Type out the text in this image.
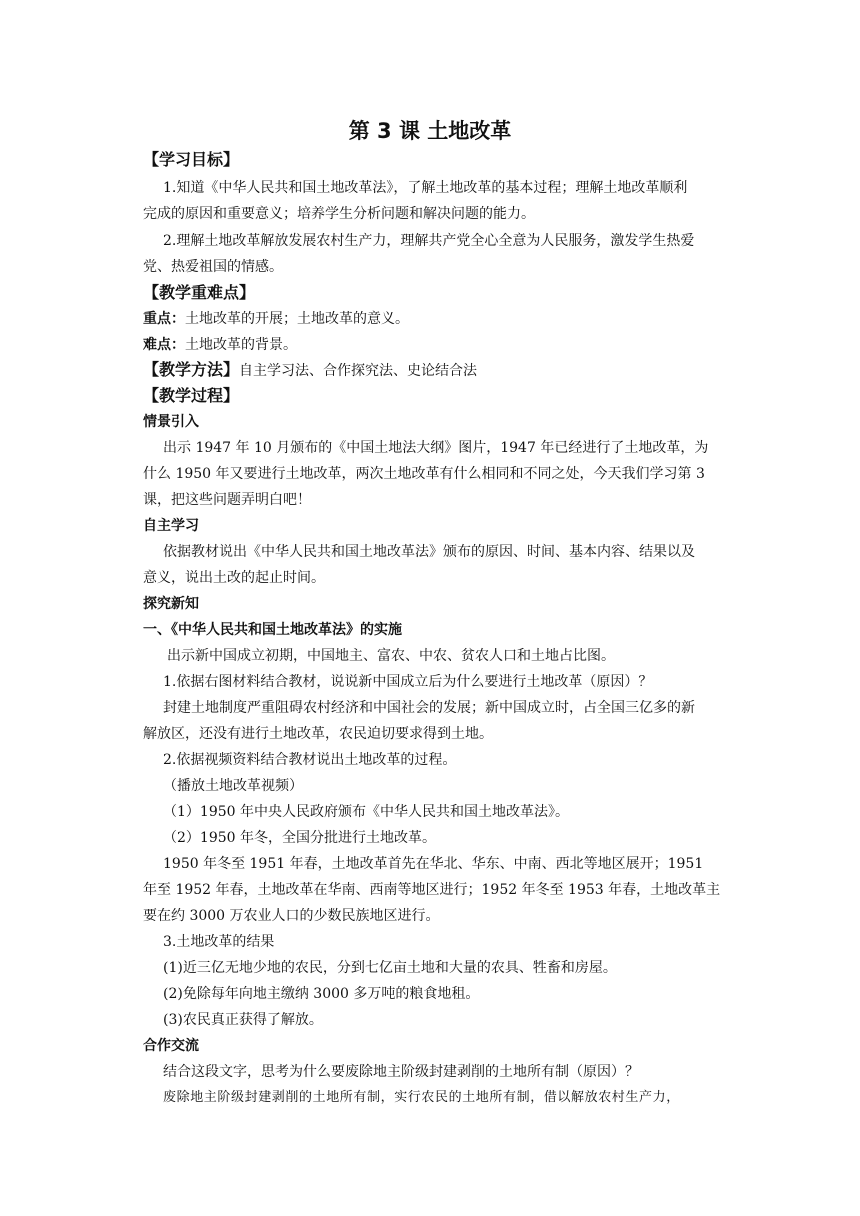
第 3 课 土地改革
【学习目标】
1.知道《中华人民共和国土地改革法》，了解土地改革的基本过程；理解土地改革顺利
完成的原因和重要意义；培养学生分析问题和解决问题的能力。
2.理解土地改革解放发展农村生产力，理解共产党全心全意为人民服务，激发学生热爱
党、热爱祖国的情感。
【教学重难点】
重点：土地改革的开展；土地改革的意义。
难点：土地改革的背景。
【教学方法】自主学习法、合作探究法、史论结合法
【教学过程】
情景引入
出示 1947 年 10 月颁布的《中国土地法大纲》图片，1947 年已经进行了土地改革，为
什么 1950 年又要进行土地改革，两次土地改革有什么相同和不同之处，今天我们学习第 3
课，把这些问题弄明白吧！
自主学习
依据教材说出《中华人民共和国土地改革法》颁布的原因、时间、基本内容、结果以及
意义，说出土改的起止时间。
探究新知
一、《中华人民共和国土地改革法》的实施
出示新中国成立初期，中国地主、富农、中农、贫农人口和土地占比图。
1.依据右图材料结合教材，说说新中国成立后为什么要进行土地改革（原因）？
封建土地制度严重阻碍农村经济和中国社会的发展；新中国成立时，占全国三亿多的新
解放区，还没有进行土地改革，农民迫切要求得到土地。
2.依据视频资料结合教材说出土地改革的过程。
（播放土地改革视频）
（1）1950 年中央人民政府颁布《中华人民共和国土地改革法》。
（2）1950 年冬，全国分批进行土地改革。
1950 年冬至 1951 年春，土地改革首先在华北、华东、中南、西北等地区展开；1951
年至 1952 年春，土地改革在华南、西南等地区进行；1952 年冬至 1953 年春，土地改革主
要在约 3000 万农业人口的少数民族地区进行。
3.土地改革的结果
(1)近三亿无地少地的农民，分到七亿亩土地和大量的农具、牲畜和房屋。
(2)免除每年向地主缴纳 3000 多万吨的粮食地租。
(3)农民真正获得了解放。
合作交流
结合这段文字，思考为什么要废除地主阶级封建剥削的土地所有制（原因）？
废除地主阶级封建剥削的土地所有制，实行农民的土地所有制，借以解放农村生产力，
